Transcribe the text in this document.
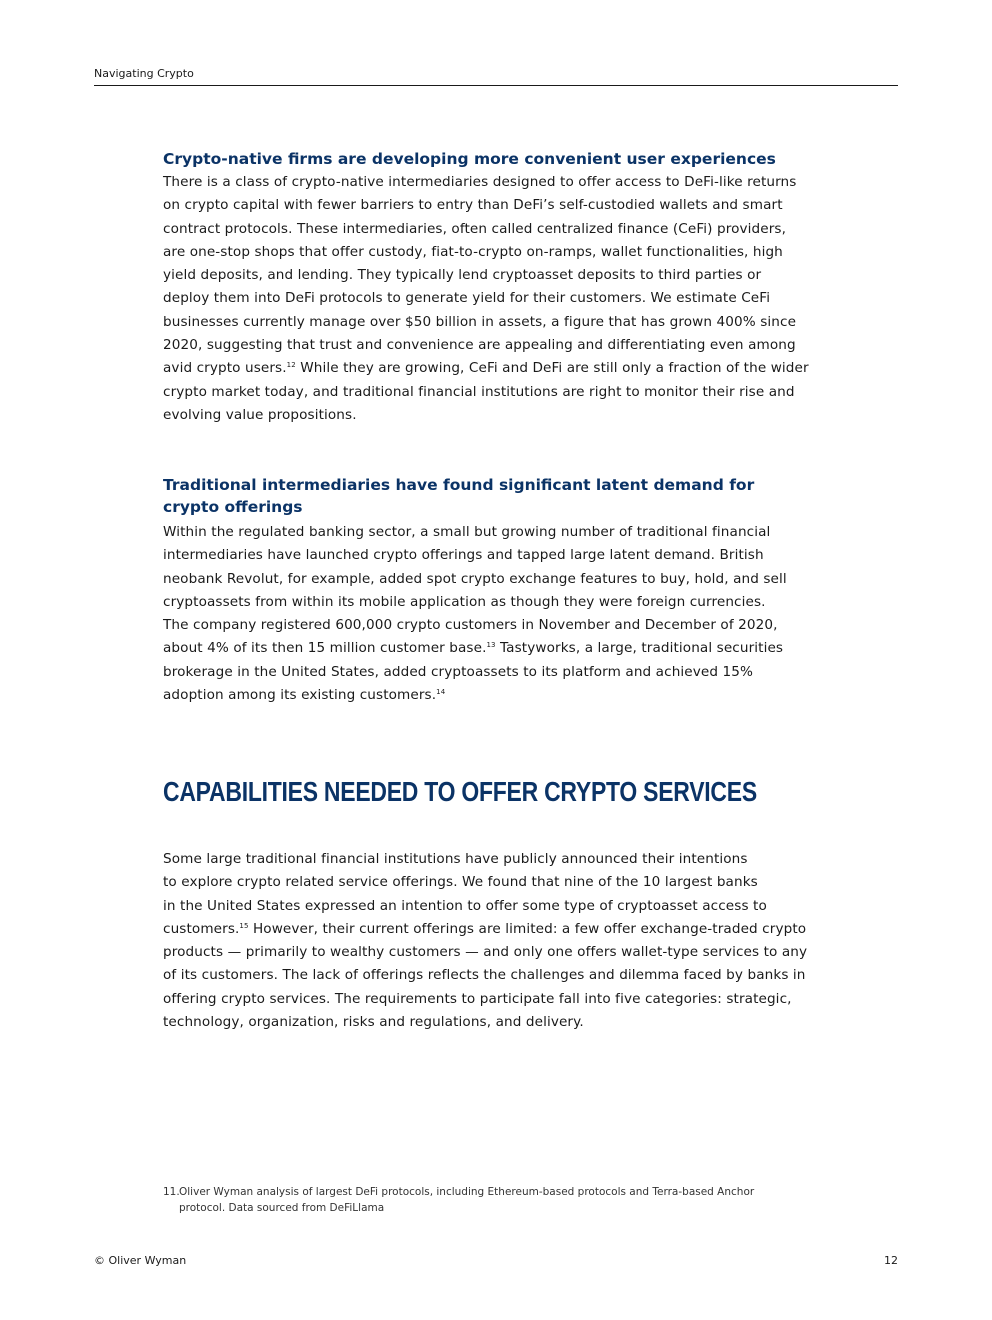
Navigating Crypto
Crypto-native firms are developing more convenient user experiences

There is a class of crypto-native intermediaries designed to offer access to DeFi-like returns
on crypto capital with fewer barriers to entry than DeFi’s self-custodied wallets and smart
contract protocols. These intermediaries, often called centralized finance (CeFi) providers,
are one-stop shops that offer custody, fiat-to-crypto on-ramps, wallet functionalities, high
yield deposits, and lending. They typically lend cryptoasset deposits to third parties or
deploy them into DeFi protocols to generate yield for their customers. We estimate CeFi
businesses currently manage over $50 billion in assets, a figure that has grown 400% since
2020, suggesting that trust and convenience are appealing and differentiating even among
avid crypto users.$^{12}$ While they are growing, CeFi and DeFi are still only a fraction of the wider
crypto market today, and traditional financial institutions are right to monitor their rise and
evolving value propositions.

Traditional intermediaries have found significant latent demand for
crypto offerings

Within the regulated banking sector, a small but growing number of traditional financial
intermediaries have launched crypto offerings and tapped large latent demand. British
neobank Revolut, for example, added spot crypto exchange features to buy, hold, and sell
cryptoassets from within its mobile application as though they were foreign currencies.
The company registered 600,000 crypto customers in November and December of 2020,
about 4% of its then 15 million customer base.$^{13}$ Tastyworks, a large, traditional securities
brokerage in the United States, added cryptoassets to its platform and achieved 15%
adoption among its existing customers.$^{14}$

CAPABILITIES NEEDED TO OFFER CRYPTO SERVICES

Some large traditional financial institutions have publicly announced their intentions
to explore crypto related service offerings. We found that nine of the 10 largest banks
in the United States expressed an intention to offer some type of cryptoasset access to
customers.$^{15}$ However, their current offerings are limited: a few offer exchange-traded crypto
products — primarily to wealthy customers — and only one offers wallet-type services to any
of its customers. The lack of offerings reflects the challenges and dilemma faced by banks in
offering crypto services. The requirements to participate fall into five categories: strategic,
technology, organization, risks and regulations, and delivery.

11.Oliver Wyman analysis of largest DeFi protocols, including Ethereum-based protocols and Terra-based Anchor
protocol. Data sourced from DeFiLlama
© Oliver Wyman	12
